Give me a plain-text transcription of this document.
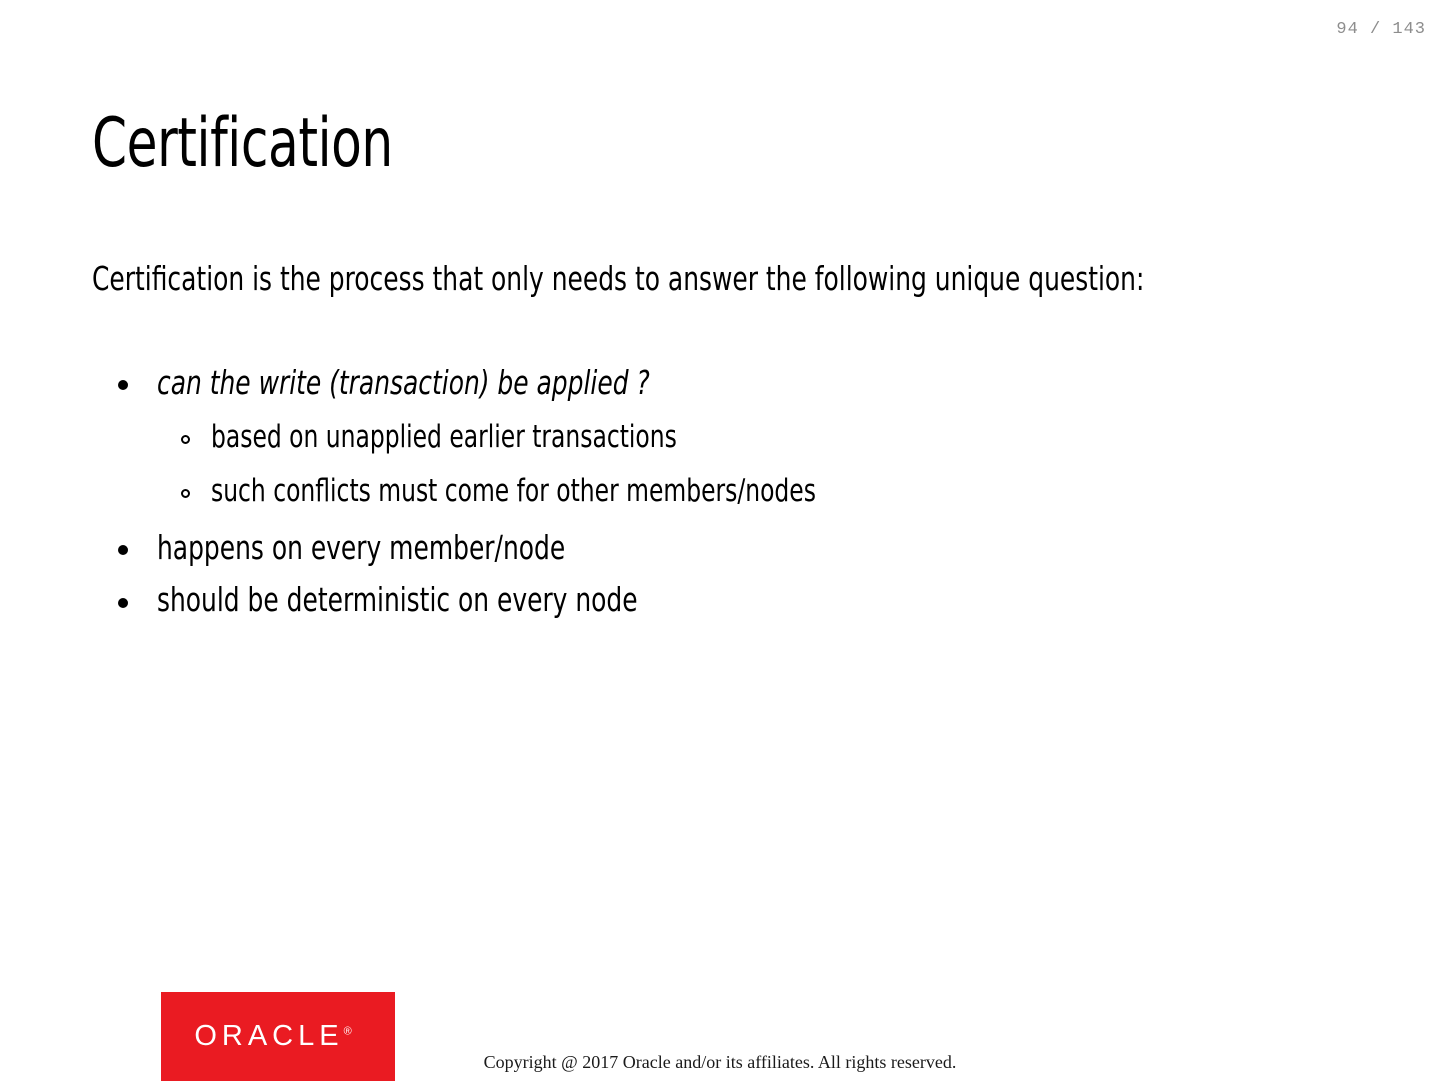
94 / 143
Certification
Certification is the process that only needs to answer the following unique question:
can the write (transaction) be applied ?
based on unapplied earlier transactions
such conflicts must come for other members/nodes
happens on every member/node
should be deterministic on every node
ORACLE®
Copyright @ 2017 Oracle and/or its affiliates. All rights reserved.
